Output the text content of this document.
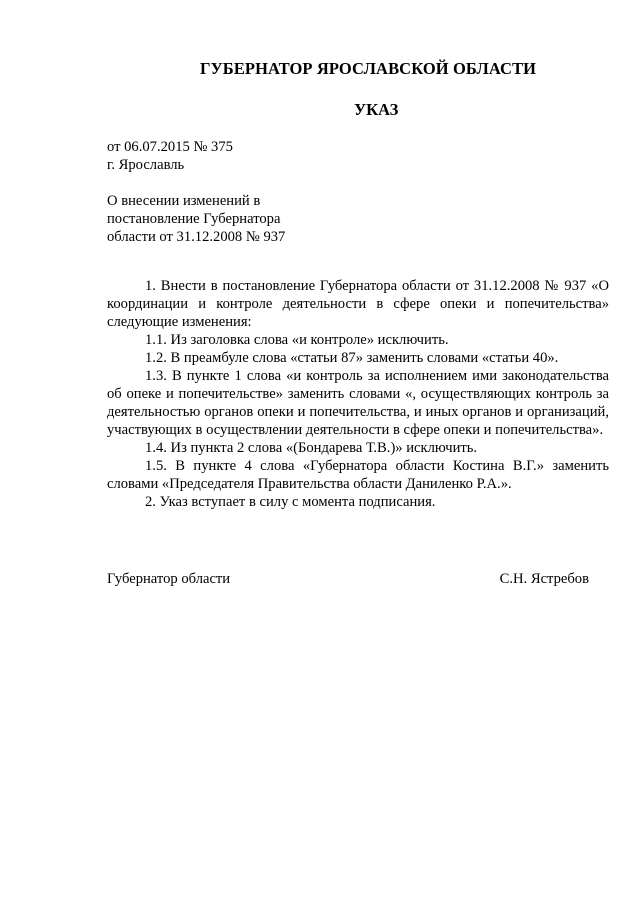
ГУБЕРНАТОР ЯРОСЛАВСКОЙ ОБЛАСТИ
УКАЗ
от 06.07.2015 № 375
г. Ярославль
О внесении изменений в
постановление Губернатора
области от 31.12.2008 № 937

1. Внести в постановление Губернатора области от 31.12.2008 № 937 «О координации и контроле деятельности в сфере опеки и попечительства» следующие изменения:

1.1. Из заголовка слова «и контроле» исключить.

1.2. В преамбуле слова «статьи 87» заменить словами «статьи 40».

1.3. В пункте 1 слова «и контроль за исполнением ими законодательства об опеке и попечительстве» заменить словами «, осуществляющих контроль за деятельностью органов опеки и попечительства, и иных органов и организаций, участвующих в осуществлении деятельности в сфере опеки и попечительства».

1.4. Из пункта 2 слова «(Бондарева Т.В.)» исключить.

1.5. В пункте 4 слова «Губернатора области Костина В.Г.» заменить словами «Председателя Правительства области Даниленко Р.А.».

2. Указ вступает в силу с момента подписания.

Губернатор области	С.Н. Ястребов
